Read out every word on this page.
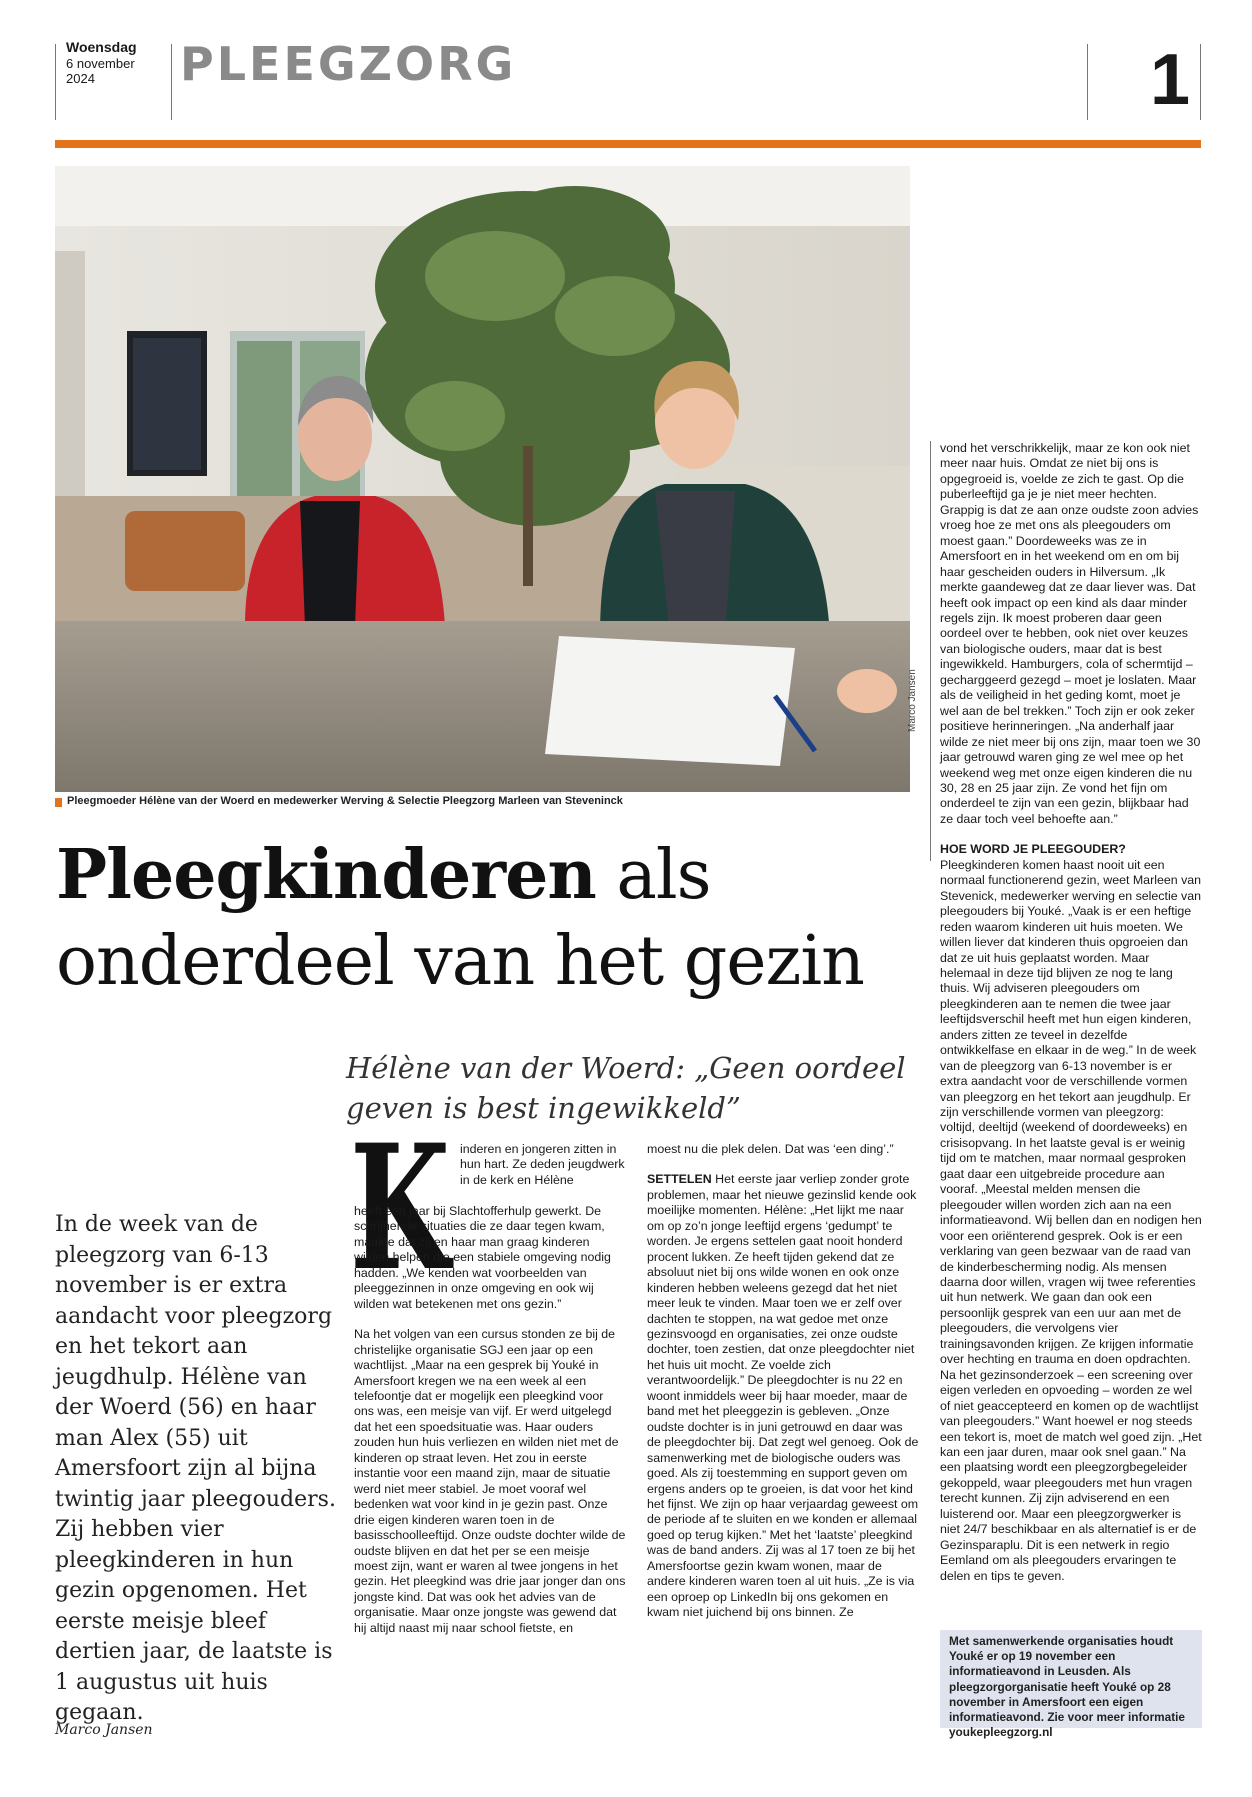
Woensdag
6 november 2024	PLEEGZORG	1
Marco Jansen
Pleegmoeder Hélène van der Woerd en medewerker Werving & Selectie Pleegzorg Marleen van Steveninck
Pleegkinderen als onderdeel van het gezin
Hélène van der Woerd: „Geen oordeel geven is best ingewikkeld”
In de week van de pleegzorg van 6-13 november is er extra aandacht voor pleegzorg en het tekort aan jeugdhulp. Hélène van der Woerd (56) en haar man Alex (55) uit Amersfoort zijn al bijna twintig jaar pleegouders. Zij hebben vier pleegkinderen in hun gezin opgenomen. Het eerste meisje bleef dertien jaar, de laatste is 1 augustus uit huis gegaan.
Marco Jansen
K inderen en jongeren zitten in hun hart. Ze deden jeugdwerk in de kerk en Hélène

heeft een jaar bij Slachtofferhulp gewerkt. De schrijnende situaties die ze daar tegen kwam, maakte dat zij en haar man graag kinderen wilden helpen die een stabiele omgeving nodig hadden. „We kenden wat voorbeelden van pleeggezinnen in onze omgeving en ook wij wilden wat betekenen met ons gezin.”

Na het volgen van een cursus stonden ze bij de christelijke organisatie SGJ een jaar op een wachtlijst. „Maar na een gesprek bij Youké in Amersfoort kregen we na een week al een telefoontje dat er mogelijk een pleegkind voor ons was, een meisje van vijf. Er werd uitgelegd dat het een spoedsituatie was. Haar ouders zouden hun huis verliezen en wilden niet met de kinderen op straat leven. Het zou in eerste instantie voor een maand zijn, maar de situatie werd niet meer stabiel. Je moet vooraf wel bedenken wat voor kind in je gezin past. Onze drie eigen kinderen waren toen in de basisschoolleeftijd. Onze oudste dochter wilde de oudste blijven en dat het per se een meisje moest zijn, want er waren al twee jongens in het gezin. Het pleegkind was drie jaar jonger dan ons jongste kind. Dat was ook het advies van de organisatie. Maar onze jongste was gewend dat hij altijd naast mij naar school fietste, en

moest nu die plek delen. Dat was ‘een ding’.”

SETTELEN Het eerste jaar verliep zonder grote problemen, maar het nieuwe gezinslid kende ook moeilijke momenten. Hélène: „Het lijkt me naar om op zo’n jonge leeftijd ergens ‘gedumpt’ te worden. Je ergens settelen gaat nooit honderd procent lukken. Ze heeft tijden gekend dat ze absoluut niet bij ons wilde wonen en ook onze kinderen hebben weleens gezegd dat het niet meer leuk te vinden. Maar toen we er zelf over dachten te stoppen, na wat gedoe met onze gezinsvoogd en organisaties, zei onze oudste dochter, toen zestien, dat onze pleegdochter niet het huis uit mocht. Ze voelde zich verantwoordelijk.” De pleegdochter is nu 22 en woont inmiddels weer bij haar moeder, maar de band met het pleeggezin is gebleven. „Onze oudste dochter is in juni getrouwd en daar was de pleegdochter bij. Dat zegt wel genoeg. Ook de samenwerking met de biologische ouders was goed. Als zij toestemming en support geven om ergens anders op te groeien, is dat voor het kind het fijnst. We zijn op haar verjaardag geweest om de periode af te sluiten en we konden er allemaal goed op terug kijken.” Met het ‘laatste’ pleegkind was de band anders. Zij was al 17 toen ze bij het Amersfoortse gezin kwam wonen, maar de andere kinderen waren toen al uit huis. „Ze is via een oproep op LinkedIn bij ons gekomen en kwam niet juichend bij ons binnen. Ze

vond het verschrikkelijk, maar ze kon ook niet meer naar huis. Omdat ze niet bij ons is opgegroeid is, voelde ze zich te gast. Op die puberleeftijd ga je je niet meer hechten. Grappig is dat ze aan onze oudste zoon advies vroeg hoe ze met ons als pleegouders om moest gaan.” Doordeweeks was ze in Amersfoort en in het weekend om en om bij haar gescheiden ouders in Hilversum. „Ik merkte gaandeweg dat ze daar liever was. Dat heeft ook impact op een kind als daar minder regels zijn. Ik moest proberen daar geen oordeel over te hebben, ook niet over keuzes van biologische ouders, maar dat is best ingewikkeld. Hamburgers, cola of schermtijd – gecharggeerd gezegd – moet je loslaten. Maar als de veiligheid in het geding komt, moet je wel aan de bel trekken.” Toch zijn er ook zeker positieve herinneringen. „Na anderhalf jaar wilde ze niet meer bij ons zijn, maar toen we 30 jaar getrouwd waren ging ze wel mee op het weekend weg met onze eigen kinderen die nu 30, 28 en 25 jaar zijn. Ze vond het fijn om onderdeel te zijn van een gezin, blijkbaar had ze daar toch veel behoefte aan.”

HOE WORD JE PLEEGOUDER? Pleegkinderen komen haast nooit uit een normaal functionerend gezin, weet Marleen van Stevenick, medewerker werving en selectie van pleegouders bij Youké. „Vaak is er een heftige reden waarom kinderen uit huis moeten. We willen liever dat kinderen thuis opgroeien dan dat ze uit huis geplaatst worden. Maar helemaal in deze tijd blijven ze nog te lang thuis. Wij adviseren pleegouders om pleegkinderen aan te nemen die twee jaar leeftijdsverschil heeft met hun eigen kinderen, anders zitten ze teveel in dezelfde ontwikkelfase en elkaar in de weg.” In de week van de pleegzorg van 6-13 november is er extra aandacht voor de verschillende vormen van pleegzorg en het tekort aan jeugdhulp. Er zijn verschillende vormen van pleegzorg: voltijd, deeltijd (weekend of doordeweeks) en crisisopvang. In het laatste geval is er weinig tijd om te matchen, maar normaal gesproken gaat daar een uitgebreide procedure aan vooraf. „Meestal melden mensen die pleegouder willen worden zich aan na een informatieavond. Wij bellen dan en nodigen hen voor een oriënterend gesprek. Ook is er een verklaring van geen bezwaar van de raad van de kinderbescherming nodig. Als mensen daarna door willen, vragen wij twee referenties uit hun netwerk. We gaan dan ook een persoonlijk gesprek van een uur aan met de pleegouders, die vervolgens vier trainingsavonden krijgen. Ze krijgen informatie over hechting en trauma en doen opdrachten. Na het gezinsonderzoek – een screening over eigen verleden en opvoeding – worden ze wel of niet geaccepteerd en komen op de wachtlijst van pleegouders.” Want hoewel er nog steeds een tekort is, moet de match wel goed zijn. „Het kan een jaar duren, maar ook snel gaan.” Na een plaatsing wordt een pleegzorgbegeleider gekoppeld, waar pleegouders met hun vragen terecht kunnen. Zij zijn adviserend en een luisterend oor. Maar een pleegzorgwerker is niet 24/7 beschikbaar en als alternatief is er de Gezinsparaplu. Dit is een netwerk in regio Eemland om als pleegouders ervaringen te delen en tips te geven.

Met samenwerkende organisaties houdt Youké er op 19 november een informatieavond in Leusden. Als pleegzorgorganisatie heeft Youké op 28 november in Amersfoort een eigen informatieavond. Zie voor meer informatie youkepleegzorg.nl
